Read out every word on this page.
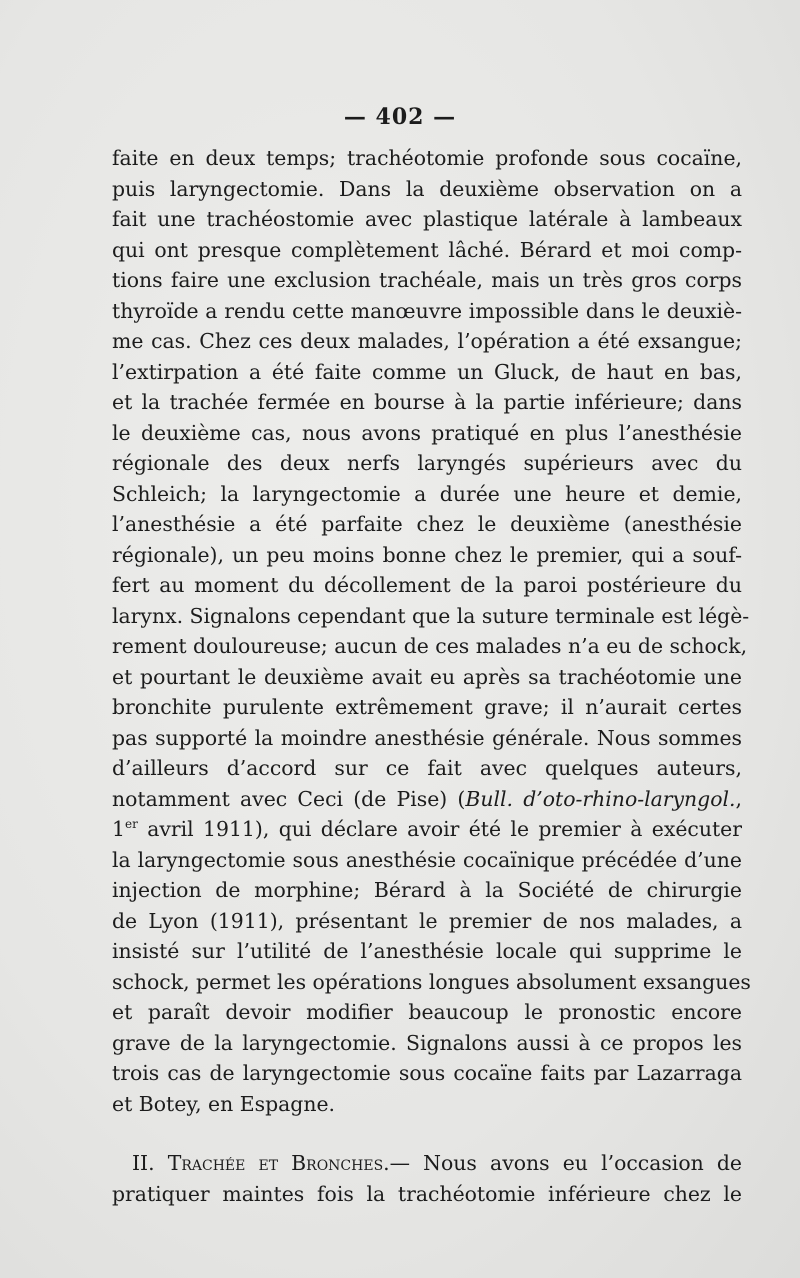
— 402 —
faite en deux temps; trachéotomie profonde sous cocaïne,
puis laryngectomie. Dans la deuxième observation on a
fait une trachéostomie avec plastique latérale à lambeaux
qui ont presque complètement lâché. Bérard et moi comp-
tions faire une exclusion trachéale, mais un très gros corps
thyroïde a rendu cette manœuvre impossible dans le deuxiè-
me cas. Chez ces deux malades, l’opération a été exsangue;
l’extirpation a été faite comme un Gluck, de haut en bas,
et la trachée fermée en bourse à la partie inférieure; dans
le deuxième cas, nous avons pratiqué en plus l’anesthésie
régionale des deux nerfs laryngés supérieurs avec du
Schleich; la laryngectomie a durée une heure et demie,
l’anesthésie a été parfaite chez le deuxième (anesthésie
régionale), un peu moins bonne chez le premier, qui a souf-
fert au moment du décollement de la paroi postérieure du
larynx. Signalons cependant que la suture terminale est légè-
rement douloureuse; aucun de ces malades n’a eu de schock,
et pourtant le deuxième avait eu après sa trachéotomie une
bronchite purulente extrêmement grave; il n’aurait certes
pas supporté la moindre anesthésie générale. Nous sommes
d’ailleurs d’accord sur ce fait avec quelques auteurs,
notamment avec Ceci (de Pise) (Bull. d’oto-rhino-laryngol.,
1er avril 1911), qui déclare avoir été le premier à exécuter
la laryngectomie sous anesthésie cocaïnique précédée d’une
injection de morphine; Bérard à la Société de chirurgie
de Lyon (1911), présentant le premier de nos malades, a
insisté sur l’utilité de l’anesthésie locale qui supprime le
schock, permet les opérations longues absolument exsangues
et paraît devoir modifier beaucoup le pronostic encore
grave de la laryngectomie. Signalons aussi à ce propos les
trois cas de laryngectomie sous cocaïne faits par Lazarraga
et Botey, en Espagne.
II. Trachée et Bronches.— Nous avons eu l’occasion de
pratiquer maintes fois la trachéotomie inférieure chez le
